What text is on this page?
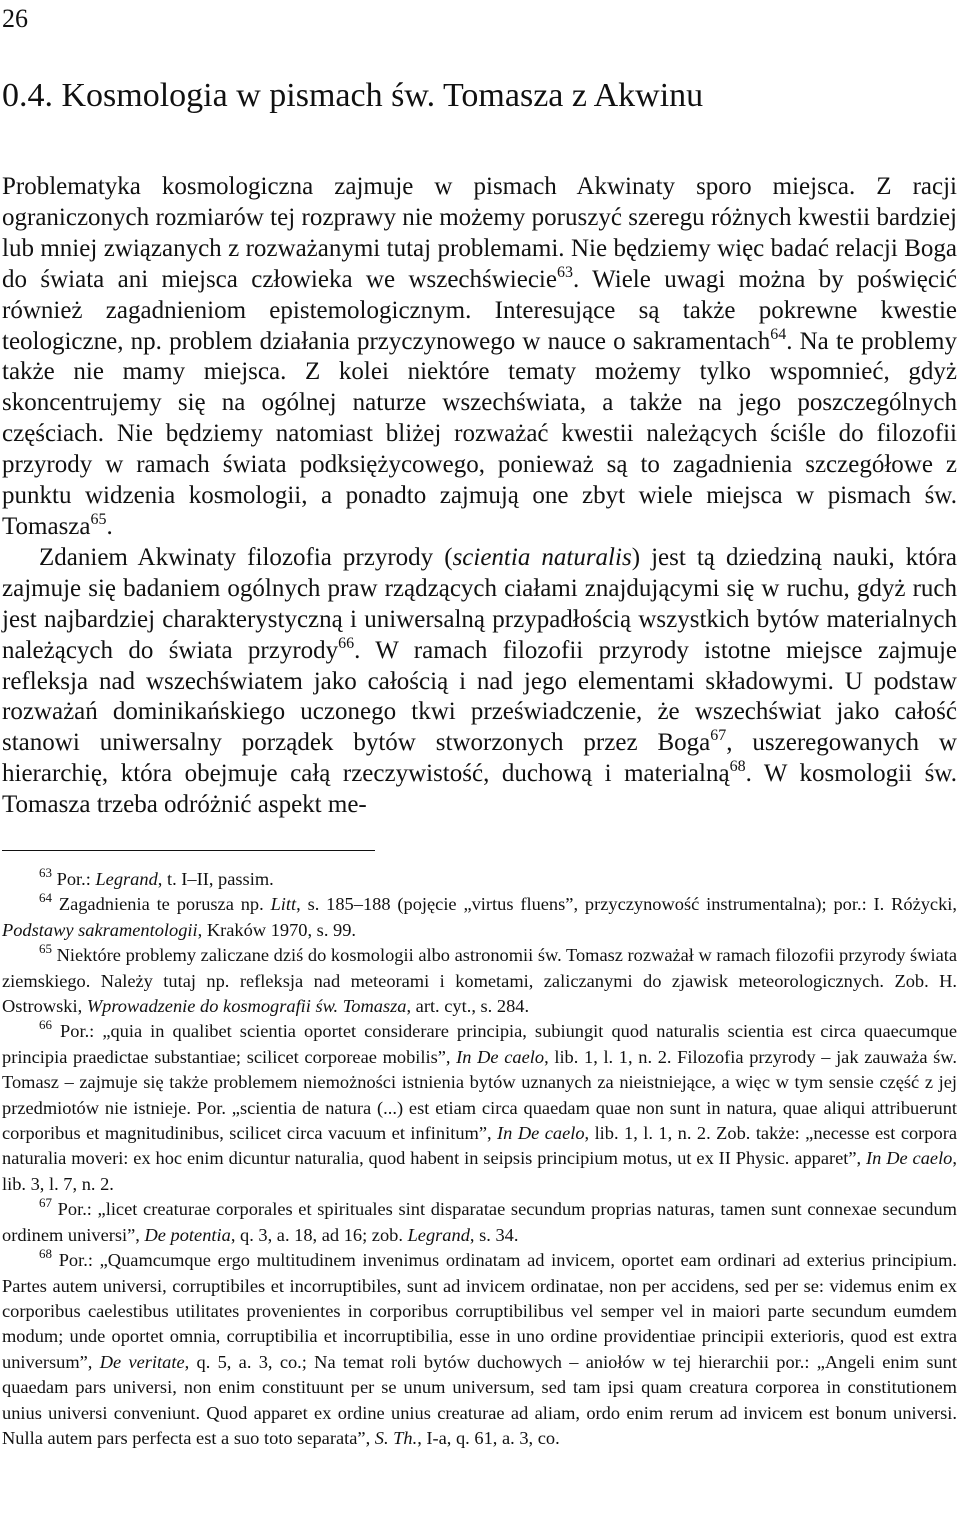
26
0.4. Kosmologia w pismach św. Tomasza z Akwinu

Problematyka kosmologiczna zajmuje w pismach Akwinaty sporo miejsca. Z racji ograniczonych rozmiarów tej rozprawy nie możemy poruszyć szeregu różnych kwestii bardziej lub mniej związanych z rozważanymi tutaj problemami. Nie będziemy więc badać relacji Boga do świata ani miejsca człowieka we wszechświecie$^{63}$. Wiele uwagi można by poświęcić również zagadnieniom epistemologicznym. Interesujące są także pokrewne kwestie teologiczne, np. problem działania przyczynowego w nauce o sakramentach$^{64}$. Na te problemy także nie mamy miejsca. Z kolei niektóre tematy możemy tylko wspomnieć, gdyż skoncentrujemy się na ogólnej naturze wszechświata, a także na jego poszczególnych częściach. Nie będziemy natomiast bliżej rozważać kwestii należących ściśle do filozofii przyrody w ramach świata podksiężycowego, ponieważ są to zagadnienia szczegółowe z punktu widzenia kosmologii, a ponadto zajmują one zbyt wiele miejsca w pismach św. Tomasza$^{65}$.

Zdaniem Akwinaty filozofia przyrody (scientia naturalis) jest tą dziedziną nauki, która zajmuje się badaniem ogólnych praw rządzących ciałami znajdującymi się w ruchu, gdyż ruch jest najbardziej charakterystyczną i uniwersalną przypadłością wszystkich bytów materialnych należących do świata przyrody$^{66}$. W ramach filozofii przyrody istotne miejsce zajmuje refleksja nad wszechświatem jako całością i nad jego elementami składowymi. U podstaw rozważań dominikańskiego uczonego tkwi przeświadczenie, że wszechświat jako całość stanowi uniwersalny porządek bytów stworzonych przez Boga$^{67}$, uszeregowanych w hierarchię, która obejmuje całą rzeczywistość, duchową i materialną$^{68}$. W kosmologii św. Tomasza trzeba odróżnić aspekt me-

$^{63}$ Por.: Legrand, t. I–II, passim.

$^{64}$ Zagadnienia te porusza np. Litt, s. 185–188 (pojęcie „virtus fluens”, przyczynowość instrumentalna); por.: I. Różycki, Podstawy sakramentologii, Kraków 1970, s. 99.

$^{65}$ Niektóre problemy zaliczane dziś do kosmologii albo astronomii św. Tomasz rozważał w ramach filozofii przyrody świata ziemskiego. Należy tutaj np. refleksja nad meteorami i kometami, zaliczanymi do zjawisk meteorologicznych. Zob. H. Ostrowski, Wprowadzenie do kosmografii św. Tomasza, art. cyt., s. 284.

$^{66}$ Por.: „quia in qualibet scientia oportet considerare principia, subiungit quod naturalis scientia est circa quaecumque principia praedictae substantiae; scilicet corporeae mobilis”, In De caelo, lib. 1, l. 1, n. 2. Filozofia przyrody – jak zauważa św. Tomasz – zajmuje się także problemem niemożności istnienia bytów uznanych za nieistniejące, a więc w tym sensie część z jej przedmiotów nie istnieje. Por. „scientia de natura (...) est etiam circa quaedam quae non sunt in natura, quae aliqui attribuerunt corporibus et magnitudinibus, scilicet circa vacuum et infinitum”, In De caelo, lib. 1, l. 1, n. 2. Zob. także: „necesse est corpora naturalia moveri: ex hoc enim dicuntur naturalia, quod habent in seipsis principium motus, ut ex II Physic. apparet”, In De caelo, lib. 3, l. 7, n. 2.

$^{67}$ Por.: „licet creaturae corporales et spirituales sint disparatae secundum proprias naturas, tamen sunt connexae secundum ordinem universi”, De potentia, q. 3, a. 18, ad 16; zob. Legrand, s. 34.

$^{68}$ Por.: „Quamcumque ergo multitudinem invenimus ordinatam ad invicem, oportet eam ordinari ad exterius principium. Partes autem universi, corruptibiles et incorruptibiles, sunt ad invicem ordinatae, non per accidens, sed per se: videmus enim ex corporibus caelestibus utilitates provenientes in corporibus corruptibilibus vel semper vel in maiori parte secundum eumdem modum; unde oportet omnia, corruptibilia et incorruptibilia, esse in uno ordine providentiae principii exterioris, quod est extra universum”, De veritate, q. 5, a. 3, co.; Na temat roli bytów duchowych – aniołów w tej hierarchii por.: „Angeli enim sunt quaedam pars universi, non enim constituunt per se unum universum, sed tam ipsi quam creatura corporea in constitutionem unius universi conveniunt. Quod apparet ex ordine unius creaturae ad aliam, ordo enim rerum ad invicem est bonum universi. Nulla autem pars perfecta est a suo toto separata”, S. Th., I-a, q. 61, a. 3, co.
